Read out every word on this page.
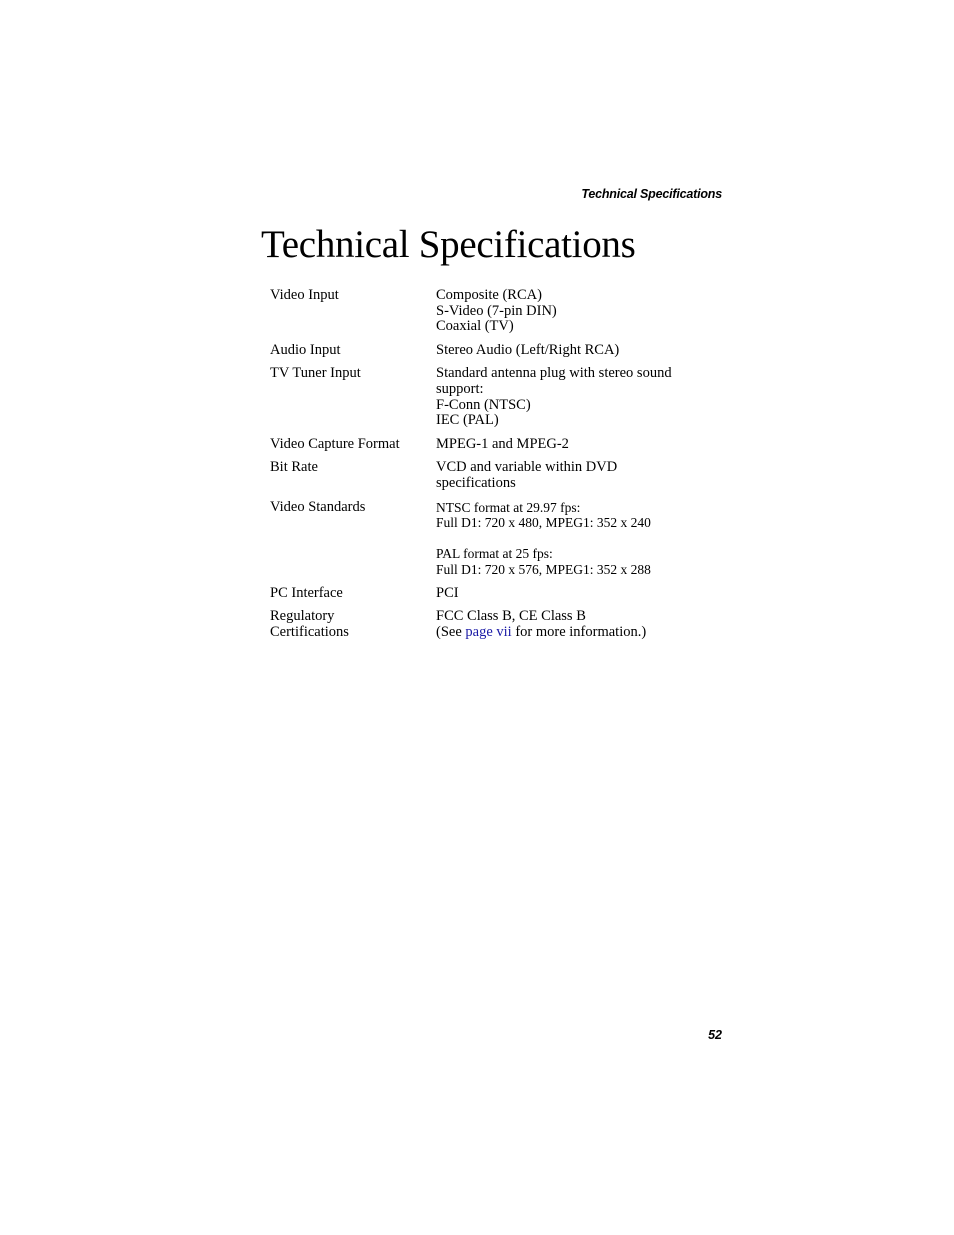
Technical Specifications
Technical Specifications
Video Input	Composite (RCA)
S-Video (7-pin DIN)
Coaxial (TV)

Audio Input	Stereo Audio (Left/Right RCA)

TV Tuner Input	Standard antenna plug with stereo sound
support:
F-Conn (NTSC)
IEC (PAL)

Video Capture Format	MPEG-1 and MPEG-2

Bit Rate	VCD and variable within DVD
specifications

Video Standards	NTSC format at 29.97 fps:
Full D1: 720 x 480, MPEG1: 352 x 240
PAL format at 25 fps:
Full D1: 720 x 576, MPEG1: 352 x 288

PC Interface	PCI

Regulatory
Certifications	FCC Class B, CE Class B
(See page vii for more information.)
52
